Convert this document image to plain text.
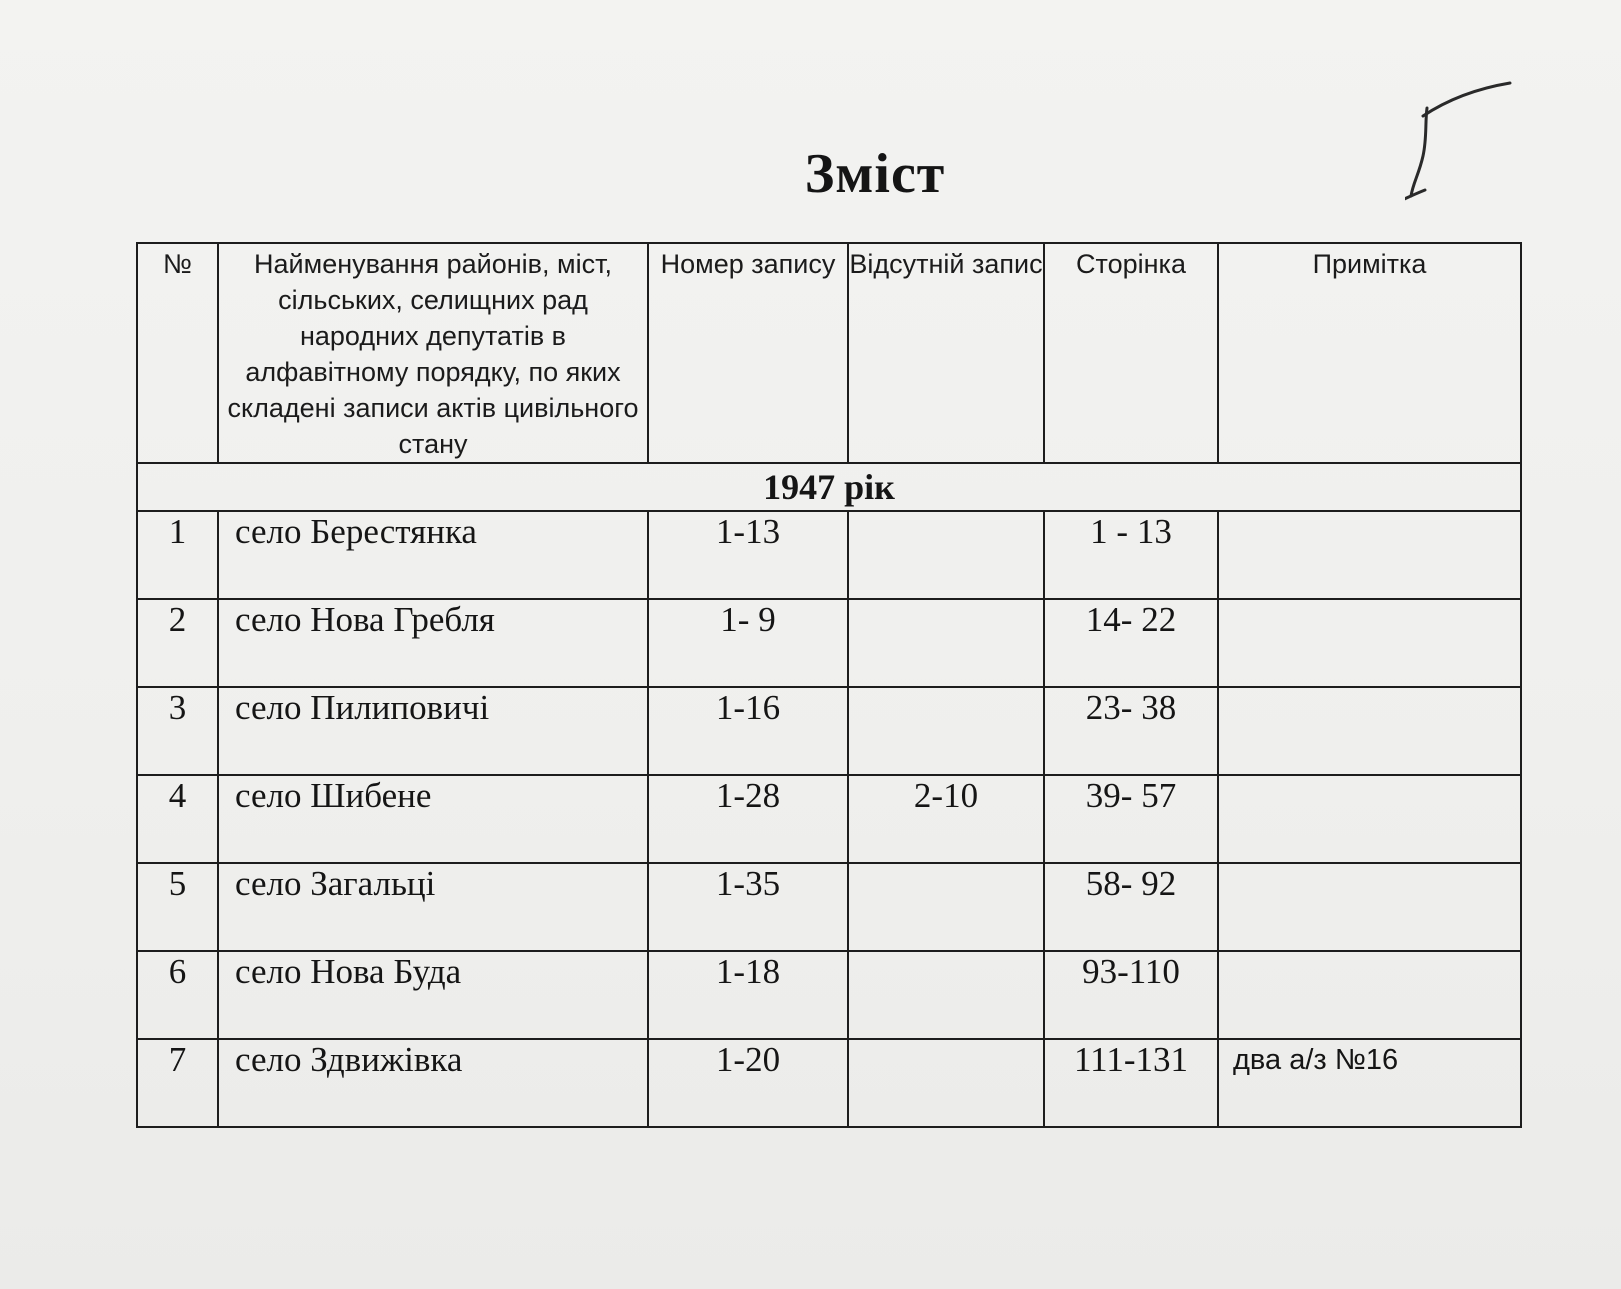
Зміст
№	Найменування районів, міст, сільських, селищних рад народних депутатів в алфавітному порядку, по яких складені записи актів цивільного стану	Номер запису	Відсутній запис	Сторінка	Примітка
1947 рік					
1	село Берестянка	1-13		1 - 13	
2	село Нова Гребля	1- 9		14- 22	
3	село Пилиповичі	1-16		23- 38	
4	село Шибене	1-28	2-10	39- 57	
5	село Загальці	1-35		58- 92	
6	село Нова Буда	1-18		93-110	
7	село Здвижівка	1-20		111-131	два а/з №16
